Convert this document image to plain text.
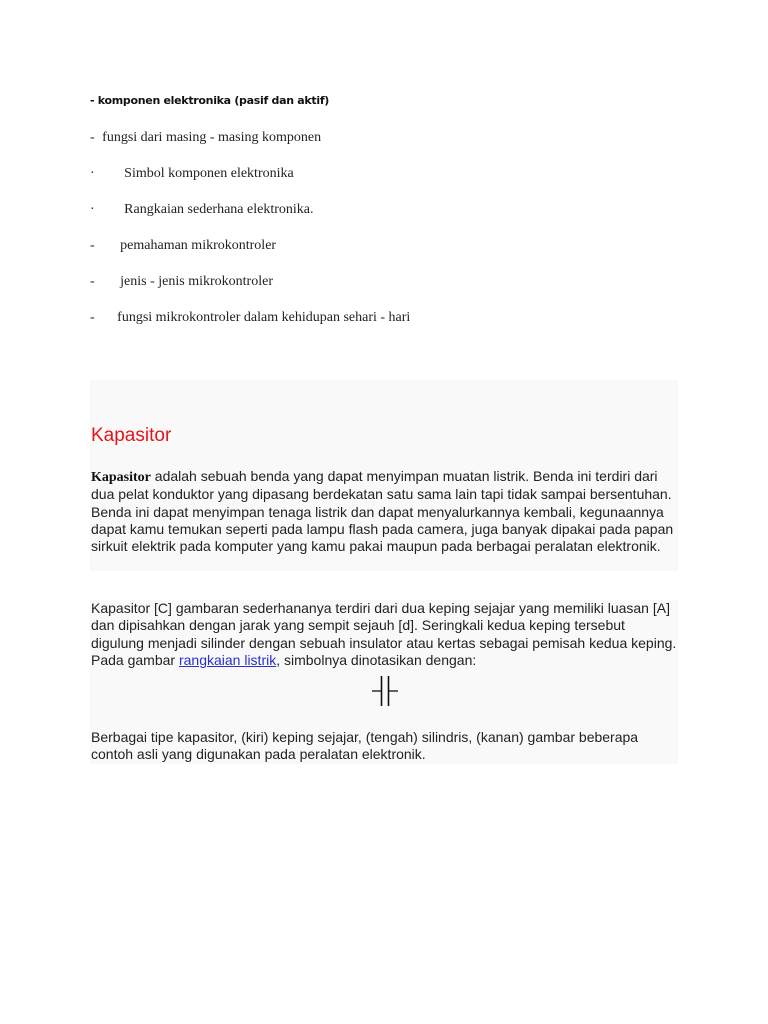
- komponen elektronika (pasif dan aktif)
- fungsi dari masing - masing komponen
· Simbol komponen elektronika
· Rangkaian sederhana elektronika.
- pemahaman mikrokontroler
- jenis - jenis mikrokontroler
- fungsi mikrokontroler dalam kehidupan sehari - hari
Kapasitor
Kapasitor adalah sebuah benda yang dapat menyimpan muatan listrik. Benda ini terdiri dari dua pelat konduktor yang dipasang berdekatan satu sama lain tapi tidak sampai bersentuhan. Benda ini dapat menyimpan tenaga listrik dan dapat menyalurkannya kembali, kegunaannya dapat kamu temukan seperti pada lampu flash pada camera, juga banyak dipakai pada papan sirkuit elektrik pada komputer yang kamu pakai maupun pada berbagai peralatan elektronik.
Kapasitor [C] gambaran sederhananya terdiri dari dua keping sejajar yang memiliki luasan [A] dan dipisahkan dengan jarak yang sempit sejauh [d]. Seringkali kedua keping tersebut digulung menjadi silinder dengan sebuah insulator atau kertas sebagai pemisah kedua keping. Pada gambar rangkaian listrik, simbolnya dinotasikan dengan:
Berbagai tipe kapasitor, (kiri) keping sejajar, (tengah) silindris, (kanan) gambar beberapa contoh asli yang digunakan pada peralatan elektronik.
